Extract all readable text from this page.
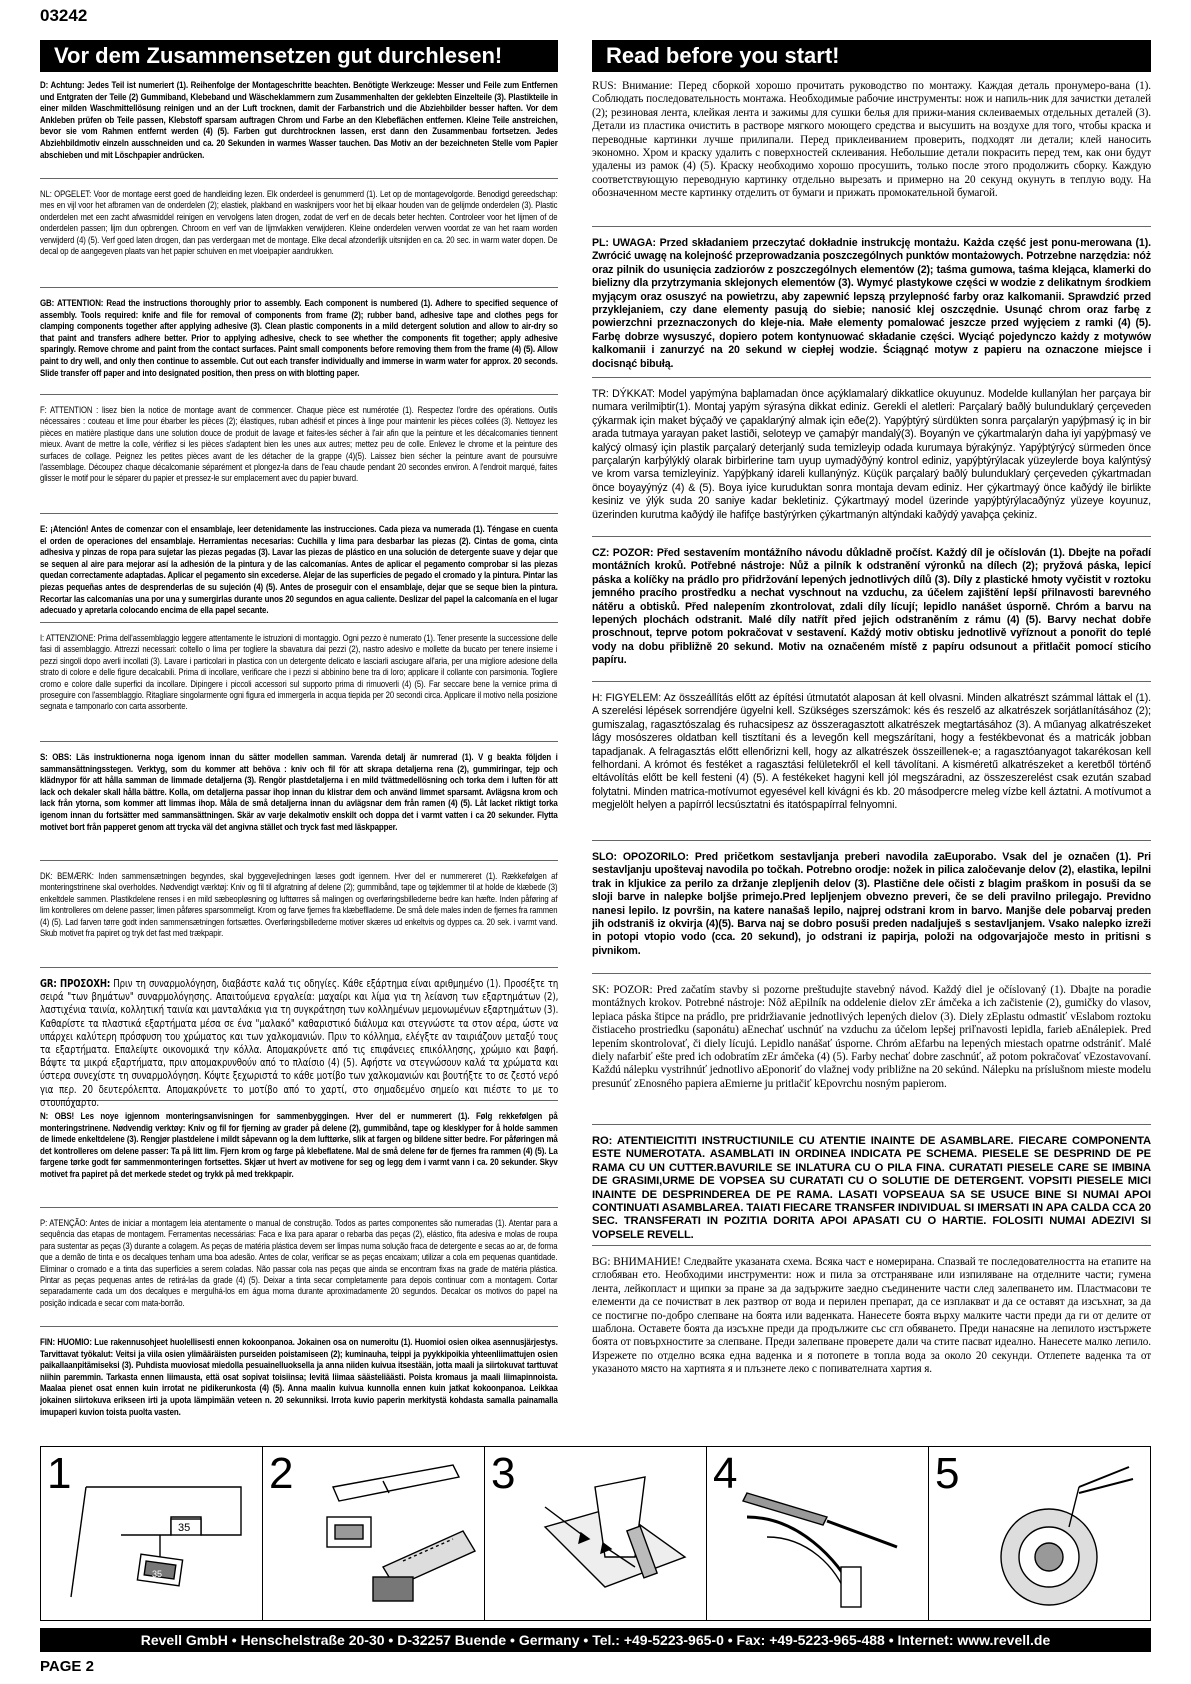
03242
Vor dem Zusammensetzen gut durchlesen!	Read before you start!

D: Achtung: Jedes Teil ist numeriert (1). Reihenfolge der Montageschritte beachten. Benötigte Werkzeuge: Messer und Feile zum Entfernen und Entgraten der Teile (2) Gummiband, Klebeband und Wäscheklammern zum Zusammenhalten der geklebten Einzelteile (3). Plastikteile in einer milden Waschmittellösung reinigen und an der Luft trocknen, damit der Farbanstrich und die Abziehbilder besser haften. Vor dem Ankleben prüfen ob Teile passen, Klebstoff sparsam auftragen Chrom und Farbe an den Klebeflächen entfernen. Kleine Teile anstreichen, bevor sie vom Rahmen entfernt werden (4) (5). Farben gut durchtrocknen lassen, erst dann den Zusammenbau fortsetzen. Jedes Abziehbildmotiv einzeln ausschneiden und ca. 20 Sekunden in warmes Wasser tauchen. Das Motiv an der bezeichneten Stelle vom Papier abschieben und mit Löschpapier andrücken.

NL: OPGELET: Voor de montage eerst goed de handleiding lezen. Elk onderdeel is genummerd (1). Let op de montagevolgorde. Benodigd gereedschap: mes en vijl voor het afbramen van de onderdelen (2); elastiek, plakband en wasknijpers voor het bij elkaar houden van de gelijmde onderdelen (3). Plastic onderdelen met een zacht afwasmiddel reinigen en vervolgens laten drogen, zodat de verf en de decals beter hechten. Controleer voor het lijmen of de onderdelen passen; lijm dun opbrengen. Chroom en verf van de lijmvlakken verwijderen. Kleine onderdelen vervven voordat ze van het raam worden verwijderd (4) (5). Verf goed laten drogen, dan pas verdergaan met de montage. Elke decal afzonderlijk uitsnijden en ca. 20 sec. in warm water dopen. De decal op de aangegeven plaats van het papier schuiven en met vloeipapier aandrukken.

GB: ATTENTION: Read the instructions thoroughly prior to assembly. Each component is numbered (1). Adhere to specified sequence of assembly. Tools required: knife and file for removal of components from frame (2); rubber band, adhesive tape and clothes pegs for clamping components together after applying adhesive (3). Clean plastic components in a mild detergent solution and allow to air-dry so that paint and transfers adhere better. Prior to applying adhesive, check to see whether the components fit together; apply adhesive sparingly. Remove chrome and paint from the contact surfaces. Paint small components before removing them from the frame (4) (5). Allow paint to dry well, and only then continue to assemble. Cut out each transfer individually and immerse in warm water for approx. 20 seconds. Slide transfer off paper and into designated position, then press on with blotting paper.

F: ATTENTION : lisez bien la notice de montage avant de commencer. Chaque pièce est numérotée (1). Respectez l'ordre des opérations. Outils nécessaires : couteau et lime pour ébarber les pièces (2); élastiques, ruban adhésif et pinces à linge pour maintenir les pièces collées (3). Nettoyez les pièces en matière plastique dans une solution douce de produit de lavage et faites-les sécher à l'air afin que la peinture et les décalcomanies tiennent mieux. Avant de mettre la colle, vérifiez si les pièces s'adaptent bien les unes aux autres; mettez peu de colle. Enlevez le chrome et la peinture des surfaces de collage. Peignez les petites pièces avant de les détacher de la grappe (4)(5). Laissez bien sécher la peinture avant de poursuivre l'assemblage. Découpez chaque décalcomanie séparément et plongez-la dans de l'eau chaude pendant 20 secondes environ. A l'endroit marqué, faites glisser le motif pour le séparer du papier et pressez-le sur emplacement avec du papier buvard.

E: ¡Atención! Antes de comenzar con el ensamblaje, leer detenidamente las instrucciones. Cada pieza va numerada (1). Téngase en cuenta el orden de operaciones del ensamblaje. Herramientas necesarias: Cuchilla y lima para desbarbar las piezas (2). Cintas de goma, cinta adhesiva y pinzas de ropa para sujetar las piezas pegadas (3). Lavar las piezas de plástico en una solución de detergente suave y dejar que se sequen al aire para mejorar así la adhesión de la pintura y de las calcomanías. Antes de aplicar el pegamento comprobar si las piezas quedan correctamente adaptadas. Aplicar el pegamento sin excederse. Alejar de las superficies de pegado el cromado y la pintura. Pintar las piezas pequeñas antes de desprenderlas de su sujeción (4) (5). Antes de proseguir con el ensamblaje, dejar que se seque bien la pintura. Recortar las calcomanías una por una y sumergirlas durante unos 20 segundos en agua caliente. Deslizar del papel la calcomanía en el lugar adecuado y apretarla colocando encima de ella papel secante.

I: ATTENZIONE: Prima dell'assemblaggio leggere attentamente le istruzioni di montaggio. Ogni pezzo è numerato (1). Tener presente la successione delle fasi di assemblaggio. Attrezzi necessari: coltello o lima per togliere la sbavatura dai pezzi (2), nastro adesivo e mollette da bucato per tenere insieme i pezzi singoli dopo averli incollati (3). Lavare i particolari in plastica con un detergente delicato e lasciarli asciugare all'aria, per una migliore adesione della strato di colore e delle figure decalcabili. Prima di incollare, verificare che i pezzi si abbinino bene tra di loro; applicare il collante con parsimonia. Togliere cromo e colore dalle superfici da incollare. Dipingere i piccoli accessori sul supporto prima di rimuoverli (4) (5). Far seccare bene la vernice prima di proseguire con l'assemblaggio. Ritagliare singolarmente ogni figura ed immergerla in acqua tiepida per 20 secondi circa. Applicare il motivo nella posizione segnata e tamponarlo con carta assorbente.

S: OBS: Läs instruktionerna noga igenom innan du sätter modellen samman. Varenda detalj är numrerad (1). V g beakta följden i sammansättningsstegen. Verktyg, som du kommer att behöva : kniv och fil för att skrapa detaljerna rena (2), gummiringar, tejp och klädnypor för att hålla samman de limmade detaljerna (3). Rengör plastdetaljerna i en mild tvättmedellösning och torka dem i luften för att lack och dekaler skall hålla bättre. Kolla, om detaljerna passar ihop innan du klistrar dem och använd limmet sparsamt. Avlägsna krom och lack från ytorna, som kommer att limmas ihop. Måla de små detaljerna innan du avlägsnar dem från ramen (4) (5). Låt lacket riktigt torka igenom innan du fortsätter med sammansättningen. Skär av varje dekalmotiv enskilt och doppa det i varmt vatten i ca 20 sekunder. Flytta motivet bort från papperet genom att trycka väl det angivna stället och tryck fast med läskpapper.

DK: BEMÆRK: Inden sammensætningen begyndes, skal byggevejledningen læses godt igennem. Hver del er nummereret (1). Rækkefølgen af monteringstrinene skal overholdes. Nødvendigt værktøj: Kniv og fil til afgratning af delene (2); gummibånd, tape og tøjklemmer til at holde de klæbede (3) enkeltdele sammen. Plastikdelene renses i en mild sæbeopløsning og lufttørres så malingen og overføringsbillederne bedre kan hæfte. Inden påføring af lim kontrolleres om delene passer; limen påføres sparsommeligt. Krom og farve fjernes fra klæbeflladerne. De små dele males inden de fjernes fra rammen (4) (5). Lad farven tørre godt inden sammensætningen fortsættes. Overføringsbillederne motiver skæres ud enkeltvis og dyppes ca. 20 sek. i varmt vand. Skub motivet fra papiret og tryk det fast med trækpapir.

GR: ΠΡΟΣΟΧΗ: Πριν τη συναρμολόγηση, διαβάστε καλά τις οδηγίες. Κάθε εξάρτημα είναι αριθμημένο (1). Προσέξτε τη σειρά "των βημάτων" συναρμολόγησης. Απαιτούμενα εργαλεία: μαχαίρι και λίμα για τη λείανση των εξαρτημάτων (2), λαστιχένια ταινία, κολλητική ταινία και μανταλάκια για τη συγκράτηση των κολλημένων μεμονωμένων εξαρτημάτων (3). Καθαρίστε τα πλαστικά εξαρτήματα μέσα σε ένα "μαλακό" καθαριστικό διάλυμα και στεγνώστε τα στον αέρα, ώστε να υπάρχει καλύτερη πρόσφυση του χρώματος και των χαλκομανιών. Πριν το κόλλημα, ελέγξτε αν ταιριάζουν μεταξύ τους τα εξαρτήματα. Επαλείψτε οικονομικά την κόλλα. Απομακρύνετε από τις επιφάνειες επικόλλησης, χρώμιο και βαφή. Βάψτε τα μικρά εξαρτήματα, πριν απομακρυνθούν από το πλαίσιο (4) (5). Αφήστε να στεγνώσουν καλά τα χρώματα και ύστερα συνεχίστε τη συναρμολόγηση. Κόψτε ξεχωριστά το κάθε μοτίβο των χαλκομανιών και βουτήξτε το σε ζεστό νερό για περ. 20 δευτερόλεπτα. Απομακρύνετε το μοτίβο από το χαρτί, στο σημαδεμένο σημείο και πιέστε το με το στουπόχαρτο.

N: OBS! Les noye igjennom monteringsanvisningen for sammenbyggingen. Hver del er nummerert (1). Følg rekkefølgen på monteringstrinene. Nødvendig verktøy: Kniv og fil for fjerning av grader på delene (2), gummibånd, tape og klesklyper for å holde sammen de limede enkeltdelene (3). Rengjør plastdelene i mildt såpevann og la dem lufttørke, slik at fargen og bildene sitter bedre. For påføringen må det kontrolleres om delene passer: Ta på litt lim. Fjern krom og farge på klebeflatene. Mal de små delene før de fjernes fra rammen (4) (5). La fargene tørke godt før sammenmonteringen fortsettes. Skjær ut hvert av motivene for seg og legg dem i varmt vann i ca. 20 sekunder. Skyv motivet fra papiret på det merkede stedet og trykk på med trekkpapir.

P: ATENÇÃO: Antes de iniciar a montagem leia atentamente o manual de construção. Todos as partes componentes são numeradas (1). Atentar para a sequência das etapas de montagem. Ferramentas necessárias: Faca e lixa para aparar o rebarba das peças (2), elástico, fita adesiva e molas de roupa para sustentar as peças (3) durante a colagem. As peças de matéria plástica devem ser limpas numa solução fraca de detergente e secas ao ar, de forma que a demão de tinta e os decalques tenham uma boa adesão. Antes de colar, verificar se as peças encaixam; utilizar a cola em pequenas quantidade. Eliminar o cromado e a tinta das superfícies a serem coladas. Não passar cola nas peças que ainda se encontram fixas na grade de matéria plástica. Pintar as peças pequenas antes de retirá-las da grade (4) (5). Deixar a tinta secar completamente para depois continuar com a montagem. Cortar separadamente cada um dos decalques e mergulhá-los em água morna durante aproximadamente 20 segundos. Decalcar os motivos do papel na posição indicada e secar com mata-borrão.

FIN: HUOMIO: Lue rakennusohjeet huolellisesti ennen kokoonpanoa. Jokainen osa on numeroitu (1). Huomioi osien oikea asennusjärjestys. Tarvittavat työkalut: Veitsi ja viila osien ylimääräisten purseiden poistamiseen (2); kuminauha, teippi ja pyykkipoikia yhteenliimattujen osien paikallaanpitämiseksi (3). Puhdista muoviosat miedolla pesuainelluoksella ja anna niiden kuivua itsestään, jotta maali ja siirtokuvat tarttuvat niihin paremmin. Tarkasta ennen liimausta, että osat sopivat toisiinsa; levitä liimaa säästeliäästi. Poista kromaus ja maali liimapinnoista. Maalaa pienet osat ennen kuin irrotat ne pidikerunkosta (4) (5). Anna maalin kuivua kunnolla ennen kuin jatkat kokoonpanoa. Leikkaa jokainen siirtokuva erikseen irti ja upota lämpimään veteen n. 20 sekunniksi. Irrota kuvio paperin merkitystä kohdasta samalla painamalla imupaperi kuvion toista puolta vasten.

RUS: Внимание: Перед сборкой хорошо прочитать руководство по монтажу. Каждая деталь пронумеро-вана (1). Соблюдать последовательность монтажа. Необходимые рабочие инструменты: нож и напиль-ник для зачистки деталей (2); резиновая лента, клейкая лента и зажимы для сушки белья для прижи-мания склеиваемых отдельных деталей (3). Детали из пластика очистить в растворе мягкого моющего средства и высушить на воздухе для того, чтобы краска и переводные картинки лучше пpилипали. Перед приклеиванием проверить, подходят ли детали; клей наносить экономно. Хром и краску удалить с поверхностей склеивания. Небольшие детали покрасить перед тем, как они будут удалены из рамок (4) (5). Краску необходимо хорошо просушить, только после этого продолжить сборку. Каждую соответствующую переводную картинку отдельно вырезать и примерно на 20 секунд окунуть в теплую воду. На обозначенном месте картинку отделить от бумаги и прижать промокательной бумагой.

PL: UWAGA: Przed składaniem przeczytać dokładnie instrukcję montażu. Każda część jest ponu-merowana (1). Zwrócić uwagę na kolejność przeprowadzania poszczególnych punktów montażowych. Potrzebne narzędzia: nóż oraz pilnik do usunięcia zadziorów z poszczególnych elementów (2); taśma gumowa, taśma klejąca, klamerki do bielizny dla przytrzymania sklejonych elementów (3). Wymyć plastykowe części w wodzie z delikatnym środkiem myjącym oraz osuszyć na powietrzu, aby zapewnić lepszą przylepność farby oraz kalkomanii. Sprawdzić przed przyklejaniem, czy dane elementy pasują do siebie; nanosić klej oszczędnie. Usunąć chrom oraz farbę z powierzchni przeznaczonych do kleje-nia. Małe elementy pomalować jeszcze przed wyjęciem z ramki (4) (5). Farbę dobrze wysuszyć, dopiero potem kontynuować składanie części. Wyciąć pojedynczo każdy z motywów kalkomanii i zanurzyć na 20 sekund w ciepłej wodzie. Ściągnąć motyw z papieru na oznaczone miejsce i docisnąć bibułą.

TR: DÝKKAT: Model yapýmýna baþlamadan önce açýklamalarý dikkatlice okuyunuz. Modelde kullanýlan her parçaya bir numara verilmiþtir(1). Montaj yapým sýrasýna dikkat ediniz. Gerekli el aletleri: Parçalarý baðlý bulunduklarý çerçeveden çýkarmak için maket býçaðý ve çapaklarýný almak için eðe(2). Yapýþtýrý sürdükten sonra parçalarýn yapýþmasý iç in bir arada tutmaya yarayan paket lastiði, seloteyp ve çamaþýr mandalý(3). Boyanýn ve çýkartmalarýn daha iyi yapýþmasý ve kalýcý olmasý için plastik parçalarý deterjanlý suda temizleyip odada kurumaya býrakýnýz. Yapýþtýrýcý sürmeden önce parçalarýn karþýlýklý olarak birbirlerine tam uyup uymadýðýný kontrol ediniz, yapýþtýrýlacak yüzeylerde boya kalýntýsý ve krom varsa temizleyiniz. Yapýþkaný idareli kullanýnýz. Küçük parçalarý baðlý bulunduklarý çerçeveden çýkartmadan önce boyayýnýz (4) & (5). Boya iyice kuruduktan sonra montaja devam ediniz. Her çýkartmayý önce kaðýdý ile birlikte kesiniz ve ýlýk suda 20 saniye kadar bekletiniz. Çýkartmayý model üzerinde yapýþtýrýlacaðýnýz yüzeye koyunuz, üzerinden kurutma kaðýdý ile hafifçe bastýrýrken çýkartmanýn altýndaki kaðýdý yavaþça çekiniz.

CZ: POZOR: Před sestavením montážního návodu důkladně pročíst. Každý díl je očíslován (1). Dbejte na pořadí montážních kroků. Potřebné nástroje: Nůž a pilník k odstranění výronků na dílech (2); pryžová páska, lepicí páska a kolíčky na prádlo pro přidržování lepených jednotlivých dílů (3). Díly z plastické hmoty vyčistit v roztoku jemného pracího prostředku a nechat vyschnout na vzduchu, za účelem zajištění lepší přilnavosti barevného nátěru a obtisků. Před nalepením zkontrolovat, zdali díly lícují; lepidlo nanášet úsporně. Chróm a barvu na lepených plochách odstranit. Malé díly natřít před jejich odstraněním z rámu (4) (5). Barvy nechat dobře proschnout, teprve potom pokračovat v sestavení. Každý motiv obtisku jednotlivě vyříznout a ponořit do teplé vody na dobu přibližně 20 sekund. Motiv na označeném místě z papíru odsunout a přitlačit pomocí sticího papíru.

H: FIGYELEM: Az összeállítás előtt az építési útmutatót alaposan át kell olvasni. Minden alkatrészt számmal láttak el (1). A szerelési lépések sorrendjére ügyelni kell. Szükséges szerszámok: kés és reszelő az alkatrészek sorjátlanításához (2); gumiszalag, ragasztószalag és ruhacsipesz az összeragasztott alkatrészek megtartásához (3). A műanyag alkatrészeket lágy mosószeres oldatban kell tisztítani és a levegőn kell megszárítani, hogy a festékbevonat és a matricák jobban tapadjanak. A felragasztás előtt ellenőrizni kell, hogy az alkatrészek összeillenek-e; a ragasztóanyagot takarékosan kell felhordani. A krómot és festéket a ragasztási felületekről el kell távolítani. A kisméretű alkatrészeket a keretből történő eltávolítás előtt be kell festeni (4) (5). A festékeket hagyni kell jól megszáradni, az összeszerelést csak ezután szabad folytatni. Minden matrica-motívumot egyesével kell kivágni és kb. 20 másodpercre meleg vízbe kell áztatni. A motívumot a megjelölt helyen a papírról lecsúsztatni és itatóspapírral felnyomni.

SLO: OPOZORILO: Pred pričetkom sestavljanja preberi navodila zaЕuporabo. Vsak del je označen (1). Pri sestavljanju upoštevaj navodila po točkah. Potrebno orodje: nožek in pilica zaločevanje delov (2), elastika, lepilni trak in kljukice za perilo za držanje zlepljenih delov (3). Plastične dele očisti z blagim praškom in posuši da se sloji barve in nalepke boljše primejo.Pred lepljenjem obvezno preveri, če se deli pravilno prilegajo. Previdno nanesi lepilo. Iz površin, na katere nanašaš lepilo, najprej odstrani krom in barvo. Manjše dele pobarvaj preden jih odstraniš iz okvirja (4)(5). Barva naj se dobro posuši preden nadaljuješ s sestavljanjem. Vsako nalepko izreži in potopi vtopio vodo (cca. 20 sekund), jo odstrani iz papirja, položi na odgovarjajoče mesto in pritisni s pivnikom.

SK: POZOR: Pred začatím stavby si pozorne preštudujte stavebný návod. Každý diel je očíslovaný (1). Dbajte na poradie montážnych krokov. Potrebné nástroje: Nôž aEpilník na oddelenie dielov zEr ámčeka a ich začistenie (2), gumičky do vlasov, lepiaca páska štipce na prádlo, pre pridržiavanie jednotlivých lepených dielov (3). Diely zEplastu odmastiť vEslabom roztoku čistiaceho prostriedku (saponátu) aEnechať uschnúť na vzduchu za účelom lepšej priľnavosti lepidla, farieb aEnálepiek. Pred lepením skontrolovať, či diely lícujú. Lepidlo nanášať úsporne. Chróm aEfarbu na lepených miestach opatrne odstrániť. Malé diely nafarbiť ešte pred ich odobratím zEr ámčeka (4) (5). Farby nechať dobre zaschnúť, až potom pokračovať vEzostavovaní. Každú nálepku vystrihnúť jednotlivo aEponoriť do vlažnej vody približne na 20 sekúnd. Nálepku na príslušnom mieste modelu presunúť zEnosného papiera aEmierne ju pritlačiť kEpovrchu nosným papierom.

RO: ATENTIEICITITI INSTRUCTIUNILE CU ATENTIE INAINTE DE ASAMBLARE. FIECARE COMPONENTA ESTE NUMEROTATA. ASAMBLATI IN ORDINEA INDICATA PE SCHEMA. PIESELE SE DESPRIND DE PE RAMA CU UN CUTTER.BAVURILE SE INLATURA CU O PILA FINA. CURATATI PIESELE CARE SE IMBINA DE GRASIMI,URME DE VOPSEA SU CURATATI CU O SOLUTIE DE DETERGENT. VOPSITI PIESELE MICI INAINTE DE DESPRINDEREA DE PE RAMA. LASATI VOPSEAUA SA SE USUCE BINE SI NUMAI APOI CONTINUATI ASAMBLAREA. TAIATI FIECARE TRANSFER INDIVIDUAL SI IMERSATI IN APA CALDA CCA 20 SEC. TRANSFERATI IN POZITIA DORITA APOI APASATI CU O HARTIE. FOLOSITI NUMAI ADEZIVI SI VOPSELE REVELL.

BG: ВНИМАНИЕ! Следвайте указаната схема. Всяка част е номерирана. Спазвай те последователността на етапите на сглобяван ето. Необходими инструменти: нож и пила за отстраняване или изпиляване на отделните части; гумена лента, лейкопласт и щипки за пране за да задържите заедно съединените части след залепването им. Пластмасови те елементи да се почистват в лек разтвор от вода и перилен препарат, да се изплакват и да се оставят да изсъхнат, за да се постигне по-добро слепване на боята или ваденката. Нанесете боята върху малките части преди да ги от делите от шаблона. Оставете боята да изсъхне преди да продължите сьс сгл обяването. Преди нанасяне на лепилото изстържете боята от повърхностите за слепване. Преди залепване проверете дали ча стите пасват идеално. Нанесете малко лепило. Изрежете по отделно всяка една ваденка и я потопете в топла вода за около 20 секунди. Отлепете ваденка та от указаното място на хартията я и плъзнете леко с попивателната хартия я.

1
35
35
2	3	4	5
Revell GmbH • Henschelstraße 20-30 • D-32257 Buende • Germany • Tel.: +49-5223-965-0 • Fax: +49-5223-965-488 • Internet: www.revell.de
PAGE 2
